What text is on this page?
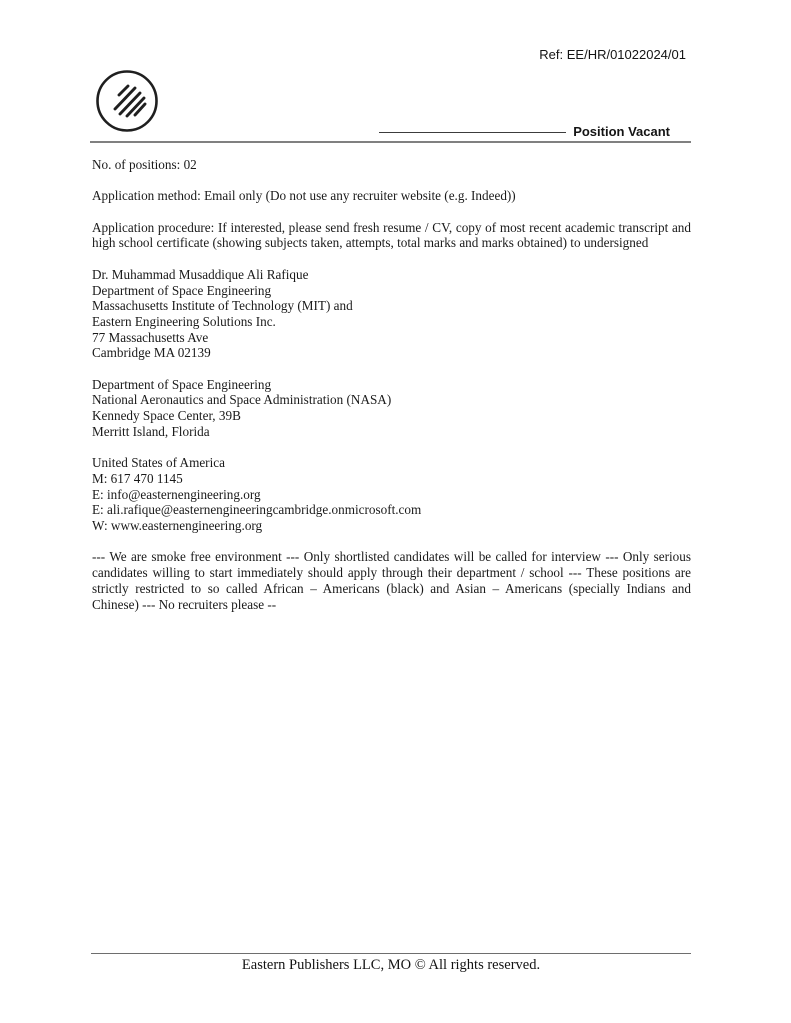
Ref: EE/HR/01022024/01
Position Vacant

No. of positions: 02

Application method: Email only (Do not use any recruiter website (e.g. Indeed))

Application procedure: If interested, please send fresh resume / CV, copy of most recent academic transcript and high school certificate (showing subjects taken, attempts, total marks and marks obtained) to undersigned

Dr. Muhammad Musaddique Ali Rafique
Department of Space Engineering
Massachusetts Institute of Technology (MIT) and
Eastern Engineering Solutions Inc.
77 Massachusetts Ave
Cambridge MA 02139
Department of Space Engineering
National Aeronautics and Space Administration (NASA)
Kennedy Space Center, 39B
Merritt Island, Florida
United States of America
M: 617 470 1145
E: info@easternengineering.org
E: ali.rafique@easternengineeringcambridge.onmicrosoft.com
W: www.easternengineering.org

--- We are smoke free environment --- Only shortlisted candidates will be called for interview --- Only serious candidates willing to start immediately should apply through their department / school --- These positions are strictly restricted to so called African – Americans (black) and Asian – Americans (specially Indians and Chinese) --- No recruiters please --

Eastern Publishers LLC, MO © All rights reserved.
